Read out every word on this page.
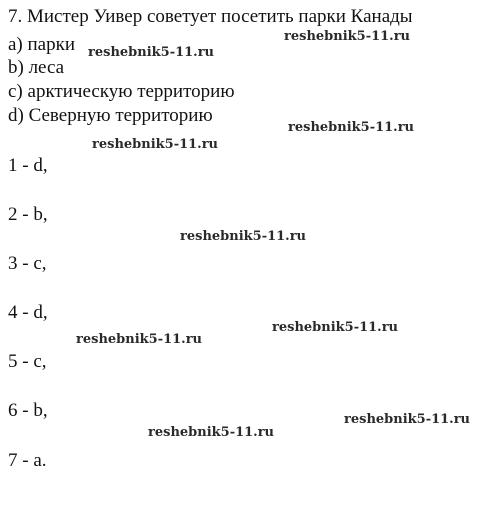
7. Мистер Уивер советует посетить парки Канады
a) парки
b) леса
c) арктическую территорию
d) Северную территорию
1 - d,
2 - b,
3 - c,
4 - d,
5 - c,
6 - b,
7 - a.
reshebnik5-11.ru
reshebnik5-11.ru
reshebnik5-11.ru
reshebnik5-11.ru
reshebnik5-11.ru
reshebnik5-11.ru
reshebnik5-11.ru
reshebnik5-11.ru
reshebnik5-11.ru
